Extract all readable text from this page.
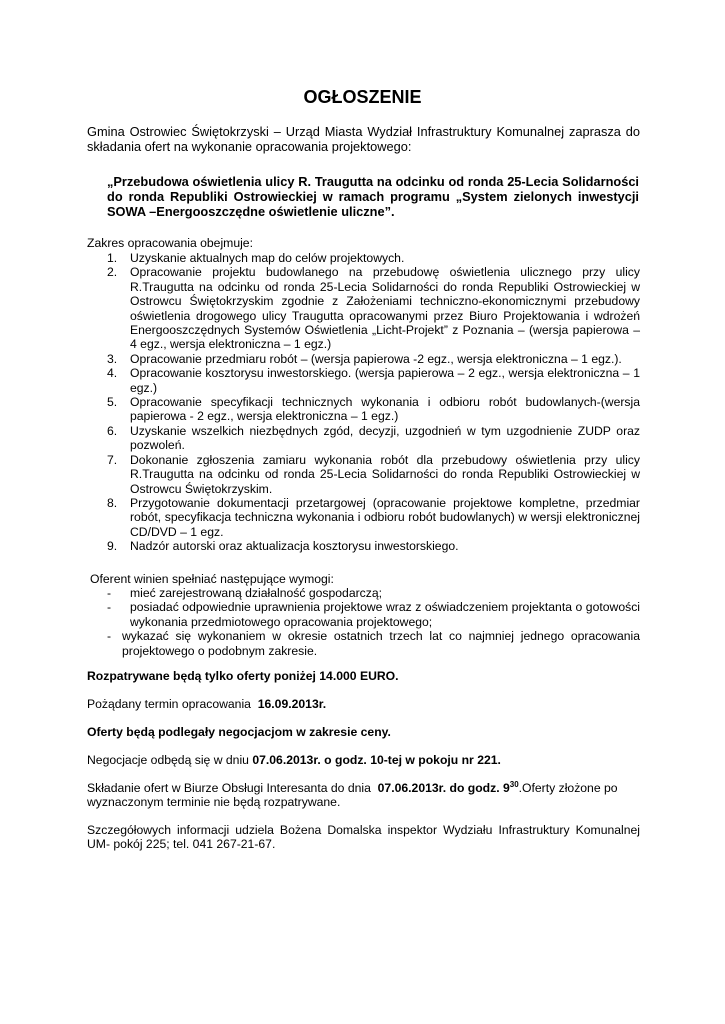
OGŁOSZENIE
Gmina Ostrowiec Świętokrzyski – Urząd Miasta Wydział Infrastruktury Komunalnej zaprasza do składania ofert na wykonanie opracowania projektowego:
„Przebudowa oświetlenia ulicy R. Traugutta na odcinku od ronda 25-Lecia Solidarności do ronda Republiki Ostrowieckiej w ramach programu „System zielonych inwestycji SOWA –Energooszczędne oświetlenie uliczne”.
Zakres opracowania obejmuje:
1. Uzyskanie aktualnych map do celów projektowych.
2. Opracowanie projektu budowlanego na przebudowę oświetlenia ulicznego przy ulicy R.Traugutta na odcinku od ronda 25-Lecia Solidarności do ronda Republiki Ostrowieckiej w Ostrowcu Świętokrzyskim zgodnie z Założeniami techniczno-ekonomicznymi przebudowy oświetlenia drogowego ulicy Traugutta opracowanymi przez Biuro Projektowania i wdrożeń Energooszczędnych Systemów Oświetlenia „Licht-Projekt” z Poznania – (wersja papierowa – 4 egz., wersja elektroniczna – 1 egz.)
3. Opracowanie przedmiaru robót – (wersja papierowa -2 egz., wersja elektroniczna – 1 egz.).
4. Opracowanie kosztorysu inwestorskiego. (wersja papierowa – 2 egz., wersja elektroniczna – 1 egz.)
5. Opracowanie specyfikacji technicznych wykonania i odbioru robót budowlanych-(wersja papierowa - 2 egz., wersja elektroniczna – 1 egz.)
6. Uzyskanie wszelkich niezbędnych zgód, decyzji, uzgodnień w tym uzgodnienie ZUDP oraz pozwoleń.
7. Dokonanie zgłoszenia zamiaru wykonania robót dla przebudowy oświetlenia przy ulicy R.Traugutta na odcinku od ronda 25-Lecia Solidarności do ronda Republiki Ostrowieckiej w Ostrowcu Świętokrzyskim.
8. Przygotowanie dokumentacji przetargowej (opracowanie projektowe kompletne, przedmiar robót, specyfikacja techniczna wykonania i odbioru robót budowlanych) w wersji elektronicznej CD/DVD – 1 egz.
9. Nadzór autorski oraz aktualizacja kosztorysu inwestorskiego.
Oferent winien spełniać następujące wymogi:
- mieć zarejestrowaną działalność gospodarczą;
- posiadać odpowiednie uprawnienia projektowe wraz z oświadczeniem projektanta o gotowości wykonania przedmiotowego opracowania projektowego;
- wykazać się wykonaniem w okresie ostatnich trzech lat co najmniej jednego opracowania projektowego o podobnym zakresie.
Rozpatrywane będą tylko oferty poniżej 14.000 EURO.
Pożądany termin opracowania 16.09.2013r.
Oferty będą podlegały negocjacjom w zakresie ceny.
Negocjacje odbędą się w dniu 07.06.2013r. o godz. 10-tej w pokoju nr 221.
Składanie ofert w Biurze Obsługi Interesanta do dnia 07.06.2013r. do godz. $9^{30}.Oferty$ złożone po wyznaczonym terminie nie będą rozpatrywane.
Szczegółowych informacji udziela Bożena Domalska inspektor Wydziału Infrastruktury Komunalnej UM- pokój 225; tel. 041 267-21-67.
